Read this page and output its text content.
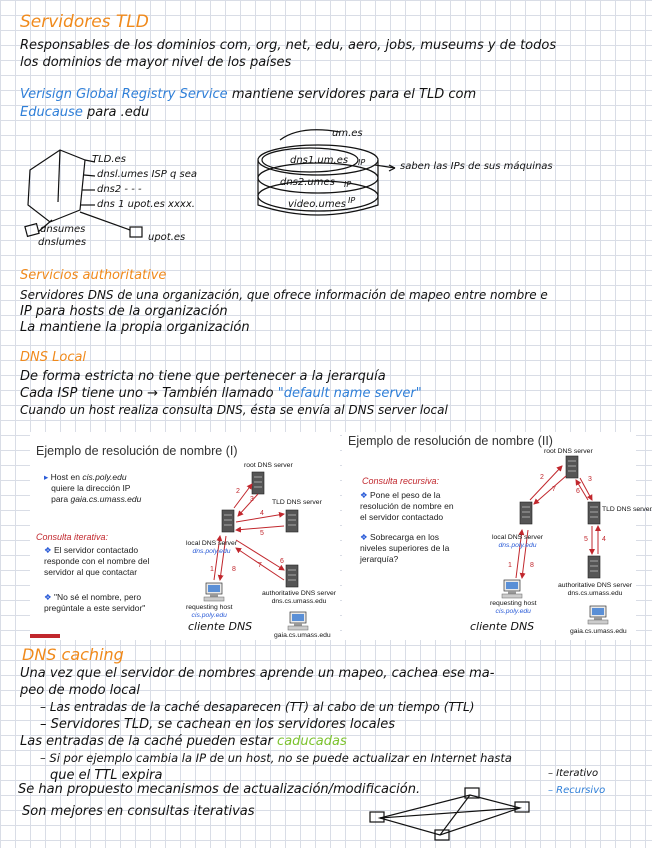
Servidores TLD
Responsables de los dominios com, org, net, edu, aero, jobs, museums y de todos
los dominios de mayor nivel de los países
Verisign Global Registry Service mantiene servidores para el TLD com
Educause para .edu
TLD.es
dnsl.umes ISP q sea
dns2 - - -
dns 1 upot.es xxxx.
dnsumes
dnslumes	upot.es
um.es
dns1.um.es
dns2.umes
video.umes
saben las IPs de sus máquinas
IP
IP
IP
Servicios authoritative
Servidores DNS de una organización, que ofrece información de mapeo entre nombre e
IP para hosts de la organización
La mantiene la propia organización
DNS Local
De forma estricta no tiene que pertenecer a la jerarquía
Cada ISP tiene uno → También llamado "default name server"
Cuando un host realiza consulta DNS, ésta se envía al DNS server local
Ejemplo de resolución de nombre (I)
▸ Host en cis.poly.edu
quiere la dirección IP
para gaia.cs.umass.edu
Consulta iterativa:
❖ El servidor contactado responde con el nombre del servidor al que contactar
❖ "No sé el nombre, pero pregúntale a este servidor"
Ejemplo de resolución de nombre (II)
Consulta recursiva:
❖ Pone el peso de la resolución de nombre en el servidor contactado
❖ Sobrecarga en los niveles superiores de la jerarquía?
root DNS server
TLD DNS server
local DNS server
dns.poly.edu
authoritative DNS server
dns.cs.umass.edu
requesting host
cis.poly.edu
gaia.cs.umass.edu
cliente DNS
2
3
4
5
6
7
1	8
root DNS server
TLD DNS server
local DNS server
dns.poly.edu
authoritative DNS server
dns.cs.umass.edu
requesting host
cis.poly.edu
gaia.cs.umass.edu
cliente DNS
2
7
3
6
5 4
1	8
DNS caching
Una vez que el servidor de nombres aprende un mapeo, cachea ese ma-
peo de modo local
– Las entradas de la caché desaparecen (TT) al cabo de un tiempo (TTL)
– Servidores TLD, se cachean en los servidores locales
Las entradas de la caché pueden estar caducadas
– Si por ejemplo cambia la IP de un host, no se puede actualizar en Internet hasta
que el TTL expira
Se han propuesto mecanismos de actualización/modificación.
Son mejores en consultas iterativas
– Iterativo
– Recursivo
